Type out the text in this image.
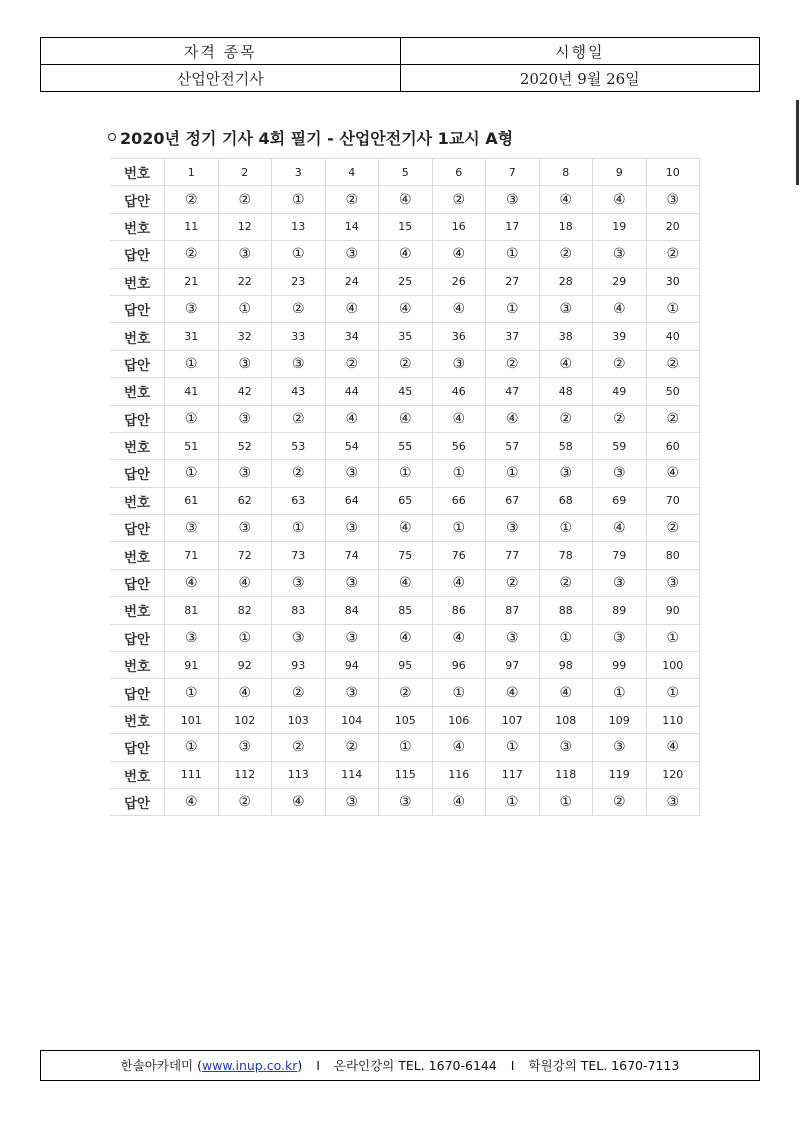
자격 종목	시행일
산업안전기사	2020년 9월 26일
2020년 정기 기사 4회 필기 - 산업안전기사 1교시 A형
번호	1	2	3	4	5	6	7	8	9	10
답안	②	②	①	②	④	②	③	④	④	③
번호	11	12	13	14	15	16	17	18	19	20
답안	②	③	①	③	④	④	①	②	③	②
번호	21	22	23	24	25	26	27	28	29	30
답안	③	①	②	④	④	④	①	③	④	①
번호	31	32	33	34	35	36	37	38	39	40
답안	①	③	③	②	②	③	②	④	②	②
번호	41	42	43	44	45	46	47	48	49	50
답안	①	③	②	④	④	④	④	②	②	②
번호	51	52	53	54	55	56	57	58	59	60
답안	①	③	②	③	①	①	①	③	③	④
번호	61	62	63	64	65	66	67	68	69	70
답안	③	③	①	③	④	①	③	①	④	②
번호	71	72	73	74	75	76	77	78	79	80
답안	④	④	③	③	④	④	②	②	③	③
번호	81	82	83	84	85	86	87	88	89	90
답안	③	①	③	③	④	④	③	①	③	①
번호	91	92	93	94	95	96	97	98	99	100
답안	①	④	②	③	②	①	④	④	①	①
번호	101	102	103	104	105	106	107	108	109	110
답안	①	③	②	②	①	④	①	③	③	④
번호	111	112	113	114	115	116	117	118	119	120
답안	④	②	④	③	③	④	①	①	②	③
한솔아카데미 (www.inup.co.kr) I 온라인강의 TEL. 1670-6144 I 학원강의 TEL. 1670-7113
